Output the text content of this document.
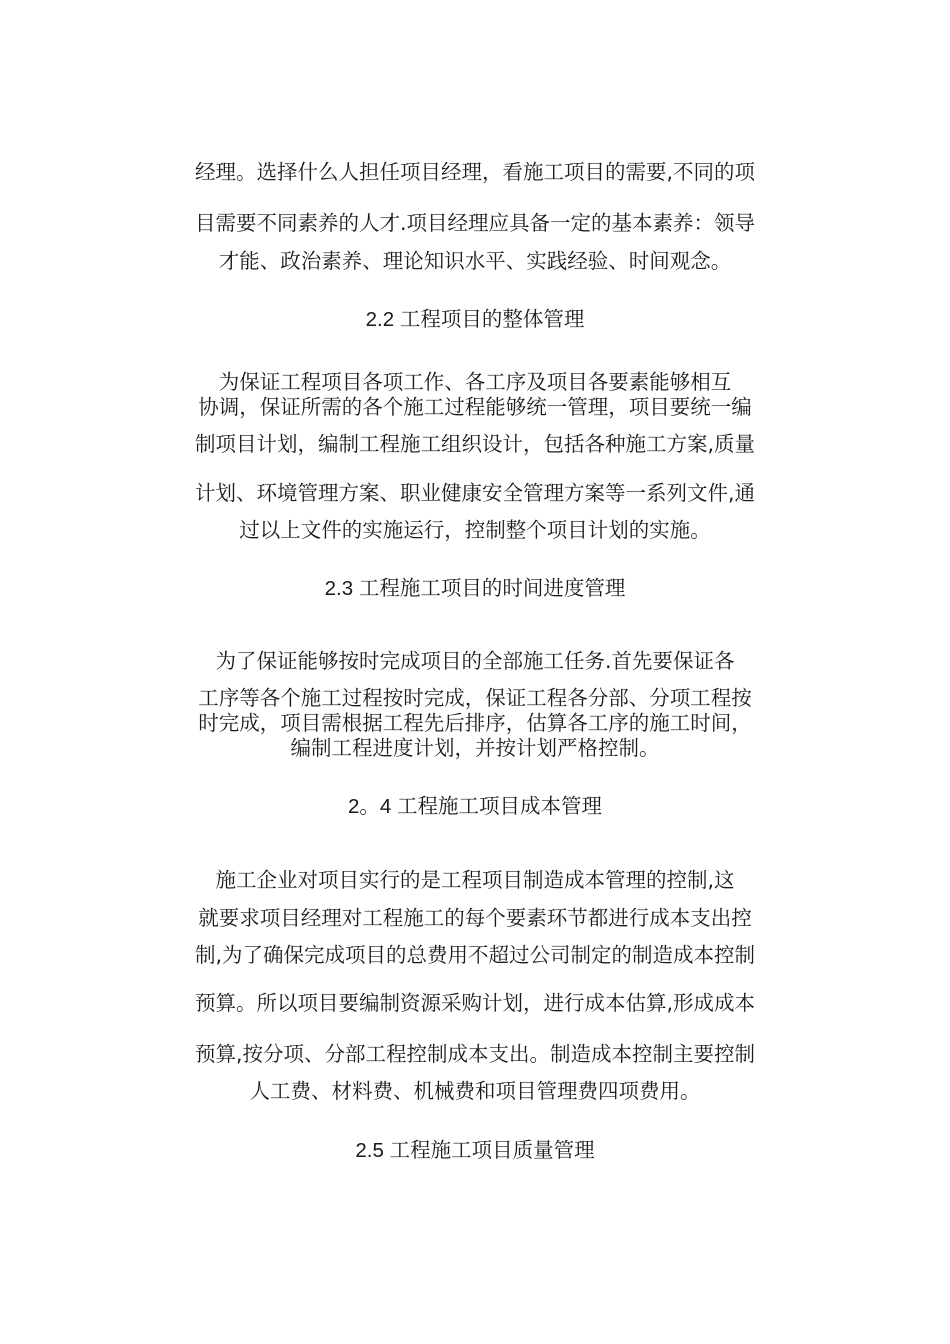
经理。选择什么人担任项目经理，看施工项目的需要,不同的项
目需要不同素养的人才.项目经理应具备一定的基本素养：领导
才能、政治素养、理论知识水平、实践经验、时间观念。
2.2 工程项目的整体管理
为保证工程项目各项工作、各工序及项目各要素能够相互
协调，保证所需的各个施工过程能够统一管理，项目要统一编
制项目计划，编制工程施工组织设计，包括各种施工方案,质量
计划、环境管理方案、职业健康安全管理方案等一系列文件,通
过以上文件的实施运行，控制整个项目计划的实施。
2.3 工程施工项目的时间进度管理
为了保证能够按时完成项目的全部施工任务.首先要保证各
工序等各个施工过程按时完成，保证工程各分部、分项工程按
时完成，项目需根据工程先后排序，估算各工序的施工时间，
编制工程进度计划，并按计划严格控制。
2。4 工程施工项目成本管理
施工企业对项目实行的是工程项目制造成本管理的控制,这
就要求项目经理对工程施工的每个要素环节都进行成本支出控
制,为了确保完成项目的总费用不超过公司制定的制造成本控制
预算。所以项目要编制资源采购计划，进行成本估算,形成成本
预算,按分项、分部工程控制成本支出。制造成本控制主要控制
人工费、材料费、机械费和项目管理费四项费用。
2.5 工程施工项目质量管理
